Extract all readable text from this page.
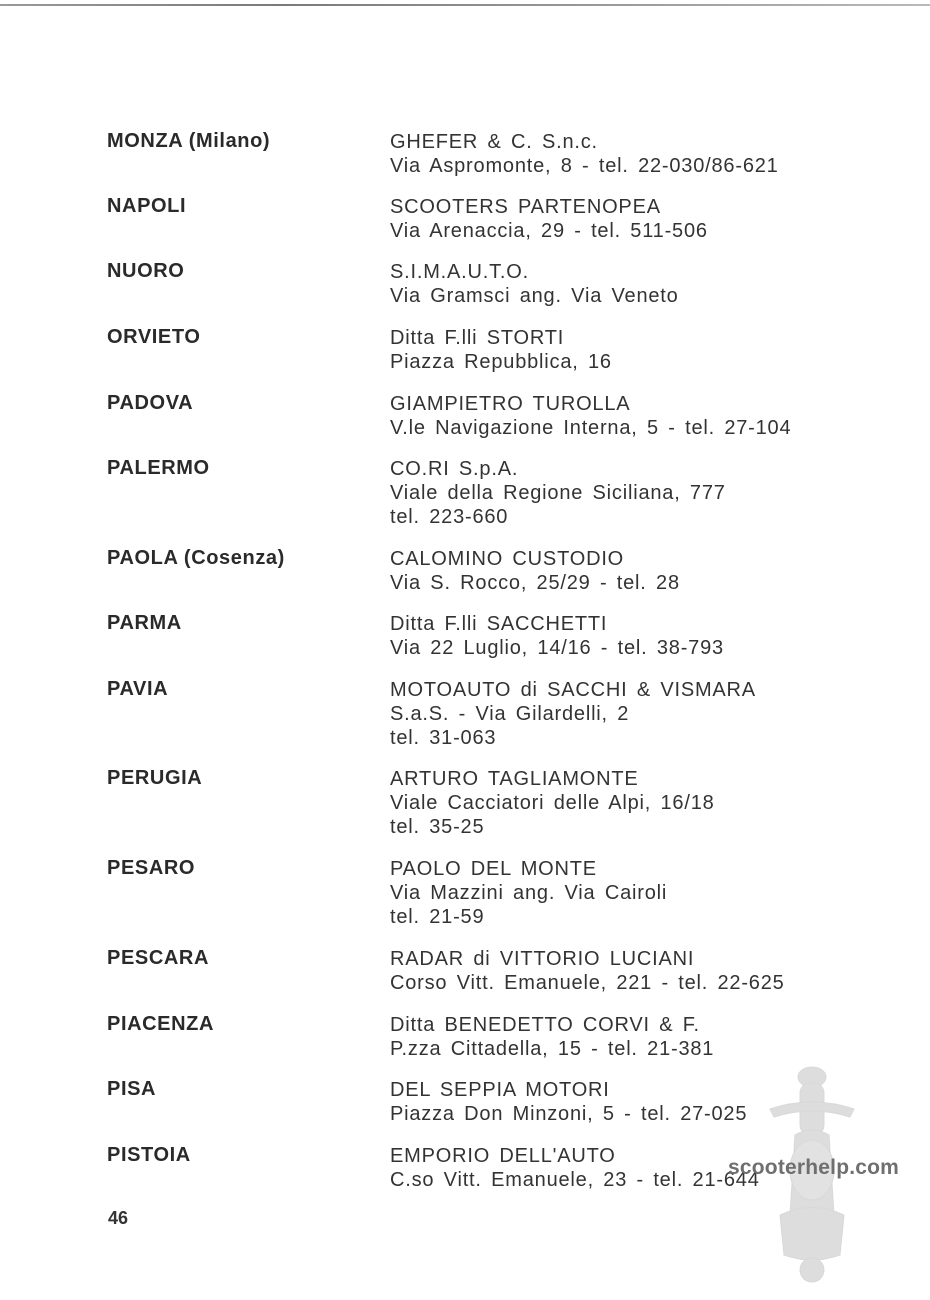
MONZA (Milano)	GHEFER & C. S.n.c.
Via Aspromonte, 8 - tel. 22-030/86-621
NAPOLI	SCOOTERS PARTENOPEA
Via Arenaccia, 29 - tel. 511-506
NUORO	S.I.M.A.U.T.O.
Via Gramsci ang. Via Veneto
ORVIETO	Ditta F.lli STORTI
Piazza Repubblica, 16
PADOVA	GIAMPIETRO TUROLLA
V.le Navigazione Interna, 5 - tel. 27-104
PALERMO	CO.RI S.p.A.
Viale della Regione Siciliana, 777
tel. 223-660
PAOLA (Cosenza)	CALOMINO CUSTODIO
Via S. Rocco, 25/29 - tel. 28
PARMA	Ditta F.lli SACCHETTI
Via 22 Luglio, 14/16 - tel. 38-793
PAVIA	MOTOAUTO di SACCHI & VISMARA
S.a.S. - Via Gilardelli, 2
tel. 31-063
PERUGIA	ARTURO TAGLIAMONTE
Viale Cacciatori delle Alpi, 16/18
tel. 35-25
PESARO	PAOLO DEL MONTE
Via Mazzini ang. Via Cairoli
tel. 21-59
PESCARA	RADAR di VITTORIO LUCIANI
Corso Vitt. Emanuele, 221 - tel. 22-625
PIACENZA	Ditta BENEDETTO CORVI & F.
P.zza Cittadella, 15 - tel. 21-381
PISA	DEL SEPPIA MOTORI
Piazza Don Minzoni, 5 - tel. 27-025
PISTOIA	EMPORIO DELL'AUTO
C.so Vitt. Emanuele, 23 - tel. 21-644
46
scooterhelp.com
